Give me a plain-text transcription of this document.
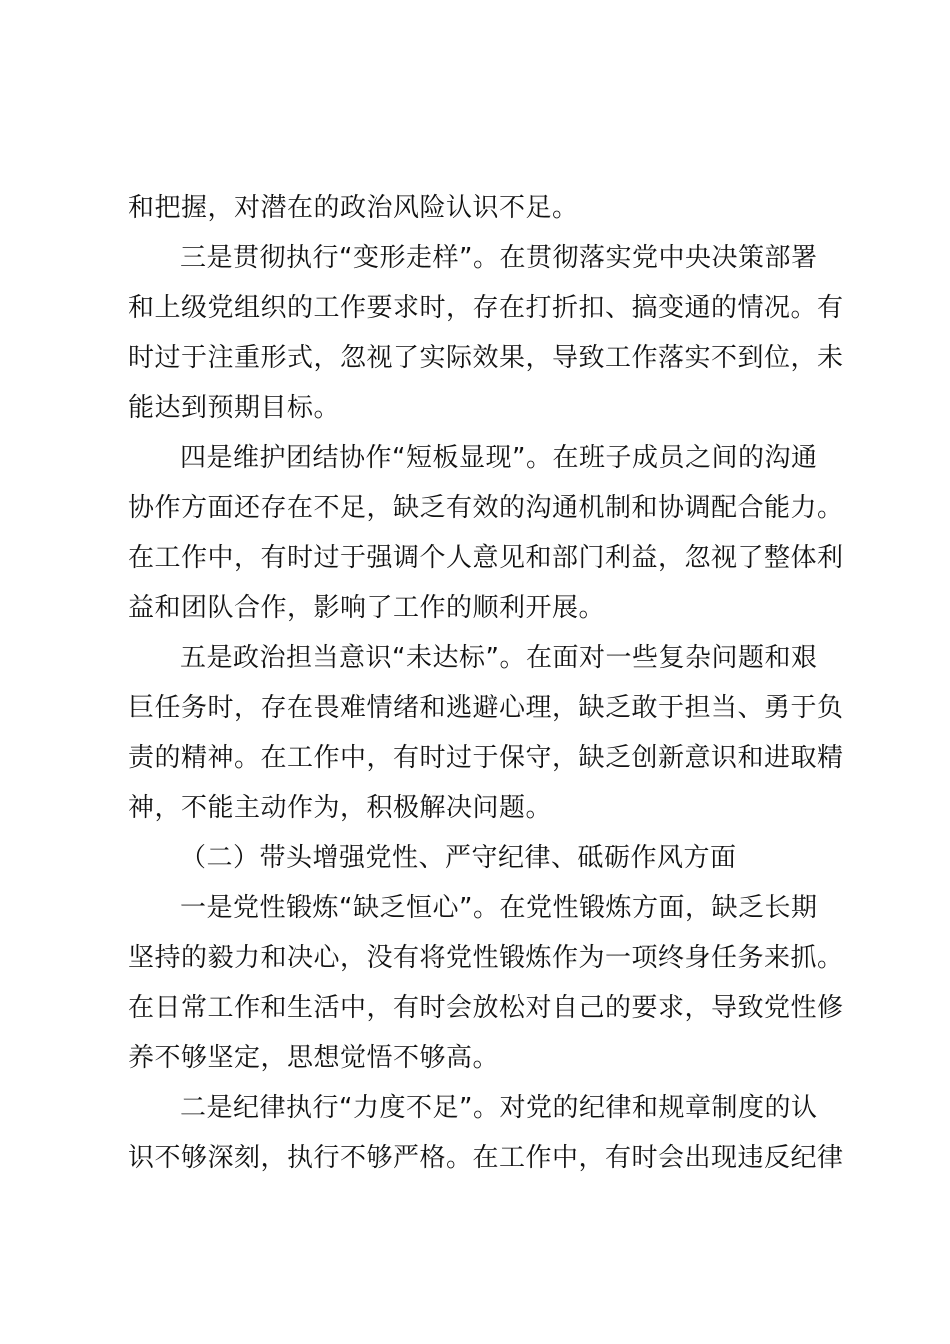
和把握，对潜在的政治风险认识不足。
三是贯彻执行“变形走样”。在贯彻落实党中央决策部署
和上级党组织的工作要求时，存在打折扣、搞变通的情况。有
时过于注重形式，忽视了实际效果，导致工作落实不到位，未
能达到预期目标。
四是维护团结协作“短板显现”。在班子成员之间的沟通
协作方面还存在不足，缺乏有效的沟通机制和协调配合能力。
在工作中，有时过于强调个人意见和部门利益，忽视了整体利
益和团队合作，影响了工作的顺利开展。
五是政治担当意识“未达标”。在面对一些复杂问题和艰
巨任务时，存在畏难情绪和逃避心理，缺乏敢于担当、勇于负
责的精神。在工作中，有时过于保守，缺乏创新意识和进取精
神，不能主动作为，积极解决问题。
（二）带头增强党性、严守纪律、砥砺作风方面
一是党性锻炼“缺乏恒心”。在党性锻炼方面，缺乏长期
坚持的毅力和决心，没有将党性锻炼作为一项终身任务来抓。
在日常工作和生活中，有时会放松对自己的要求，导致党性修
养不够坚定，思想觉悟不够高。
二是纪律执行“力度不足”。对党的纪律和规章制度的认
识不够深刻，执行不够严格。在工作中，有时会出现违反纪律
